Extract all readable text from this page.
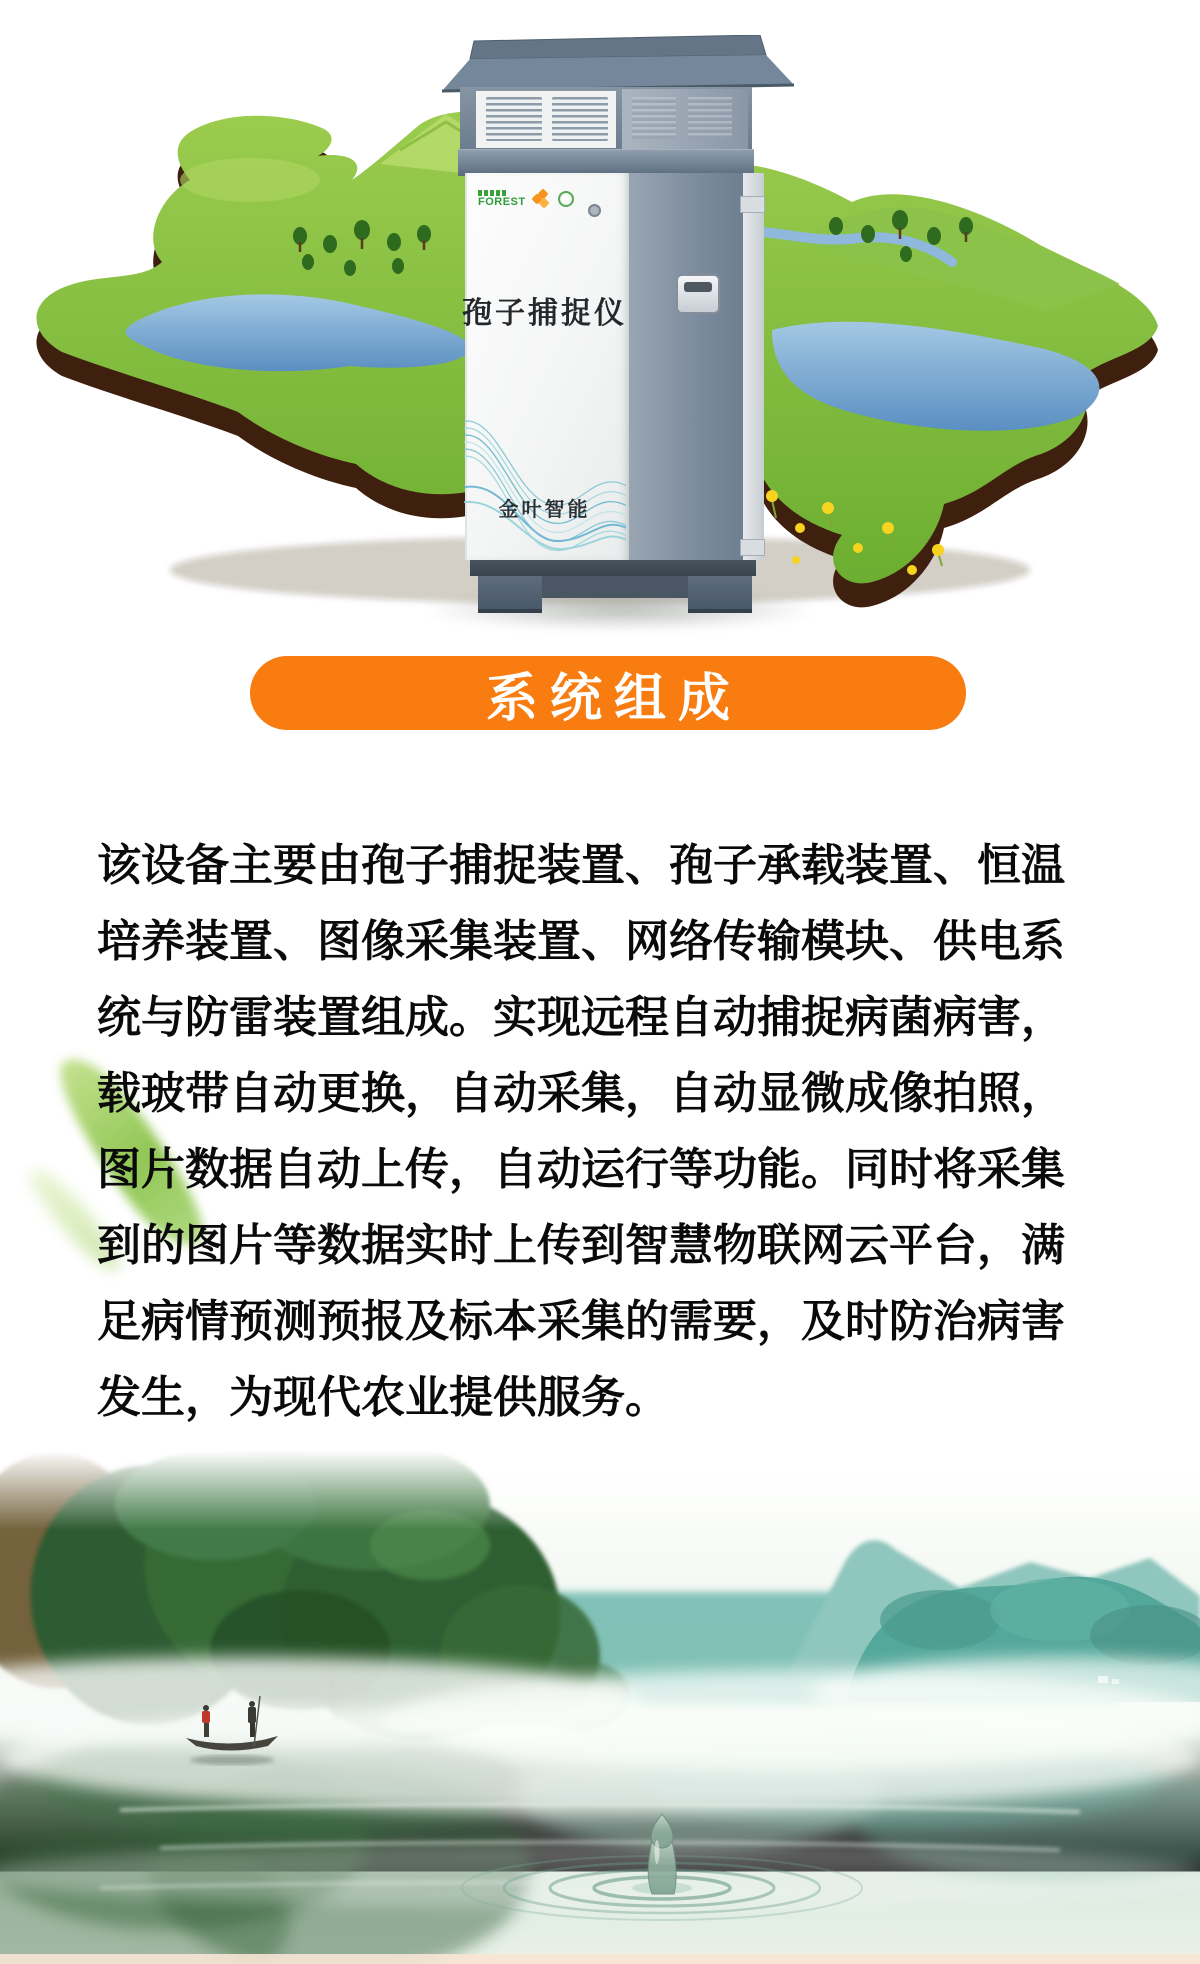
FOREST
孢子捕捉仪
金叶智能
系统组成
该设备主要由孢子捕捉装置、孢子承载装置、恒温
培养装置、图像采集装置、网络传输模块、供电系
统与防雷装置组成。实现远程自动捕捉病菌病害，
载玻带自动更换，自动采集，自动显微成像拍照，
图片数据自动上传，自动运行等功能。同时将采集
到的图片等数据实时上传到智慧物联网云平台，满
足病情预测预报及标本采集的需要，及时防治病害
发生，为现代农业提供服务。
